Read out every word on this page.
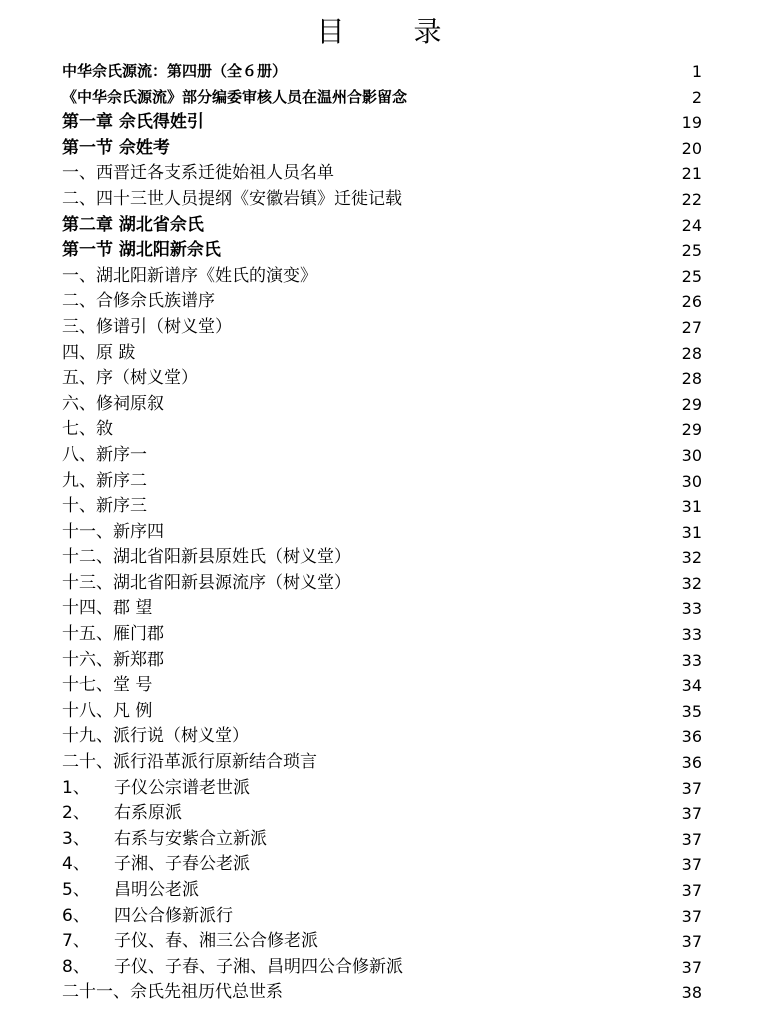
目 录
中华佘氏源流：第四册（全６册）	1
《中华佘氏源流》部分编委审核人员在温州合影留念	2
第一章 佘氏得姓引	19
第一节 佘姓考	20
一、西晋迁各支系迁徙始祖人员名单	21
二、四十三世人员提纲《安徽岩镇》迁徙记载	22
第二章 湖北省佘氏	24
第一节 湖北阳新佘氏	25
一、湖北阳新谱序《姓氏的演变》	25
二、合修佘氏族谱序	26
三、修谱引（树义堂）	27
四、原 跋	28
五、序（树义堂）	28
六、修祠原叙	29
七、敘	29
八、新序一	30
九、新序二	30
十、新序三	31
十一、新序四	31
十二、湖北省阳新县原姓氏（树义堂）	32
十三、湖北省阳新县源流序（树义堂）	32
十四、郡 望	33
十五、雁门郡	33
十六、新郑郡	33
十七、堂 号	34
十八、凡 例	35
十九、派行说（树义堂）	36
二十、派行沿革派行原新结合琐言	36
1、 子仪公宗谱老世派	37
2、 右系原派	37
3、 右系与安紫合立新派	37
4、 子湘、子春公老派	37
5、 昌明公老派	37
6、 四公合修新派行	37
7、 子仪、春、湘三公合修老派	37
8、 子仪、子春、子湘、昌明四公合修新派	37
二十一、佘氏先祖历代总世系	38
